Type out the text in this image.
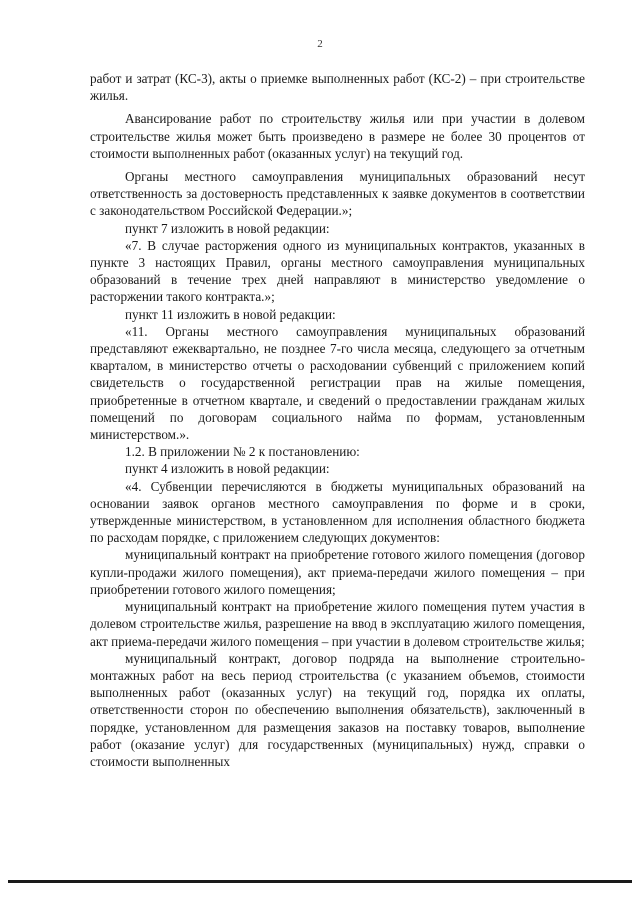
2

работ и затрат (КС-3), акты о приемке выполненных работ (КС-2) – при строительстве жилья.

Авансирование работ по строительству жилья или при участии в долевом строительстве жилья может быть произведено в размере не более 30 процентов от стоимости выполненных работ (оказанных услуг) на текущий год.

Органы местного самоуправления муниципальных образований несут ответственность за достоверность представленных к заявке документов в соответствии с законодательством Российской Федерации.»;

пункт 7 изложить в новой редакции:

«7. В случае расторжения одного из муниципальных контрактов, указанных в пункте 3 настоящих Правил, органы местного самоуправления муниципальных образований в течение трех дней направляют в министерство уведомление о расторжении такого контракта.»;

пункт 11 изложить в новой редакции:

«11. Органы местного самоуправления муниципальных образований представляют ежеквартально, не позднее 7-го числа месяца, следующего за отчетным кварталом, в министерство отчеты о расходовании субвенций с приложением копий свидетельств о государственной регистрации прав на жилые помещения, приобретенные в отчетном квартале, и сведений о предоставлении гражданам жилых помещений по договорам социального найма по формам, установленным министерством.».

1.2. В приложении № 2 к постановлению:

пункт 4 изложить в новой редакции:

«4. Субвенции перечисляются в бюджеты муниципальных образований на основании заявок органов местного самоуправления по форме и в сроки, утвержденные министерством, в установленном для исполнения областного бюджета по расходам порядке, с приложением следующих документов:

муниципальный контракт на приобретение готового жилого помещения (договор купли-продажи жилого помещения), акт приема-передачи жилого помещения – при приобретении готового жилого помещения;

муниципальный контракт на приобретение жилого помещения путем участия в долевом строительстве жилья, разрешение на ввод в эксплуатацию жилого помещения, акт приема-передачи жилого помещения – при участии в долевом строительстве жилья;

муниципальный контракт, договор подряда на выполнение строительно-монтажных работ на весь период строительства (с указанием объемов, стоимости выполненных работ (оказанных услуг) на текущий год, порядка их оплаты, ответственности сторон по обеспечению выполнения обязательств), заключенный в порядке, установленном для размещения заказов на поставку товаров, выполнение работ (оказание услуг) для государственных (муниципальных) нужд, справки о стоимости выполненных
